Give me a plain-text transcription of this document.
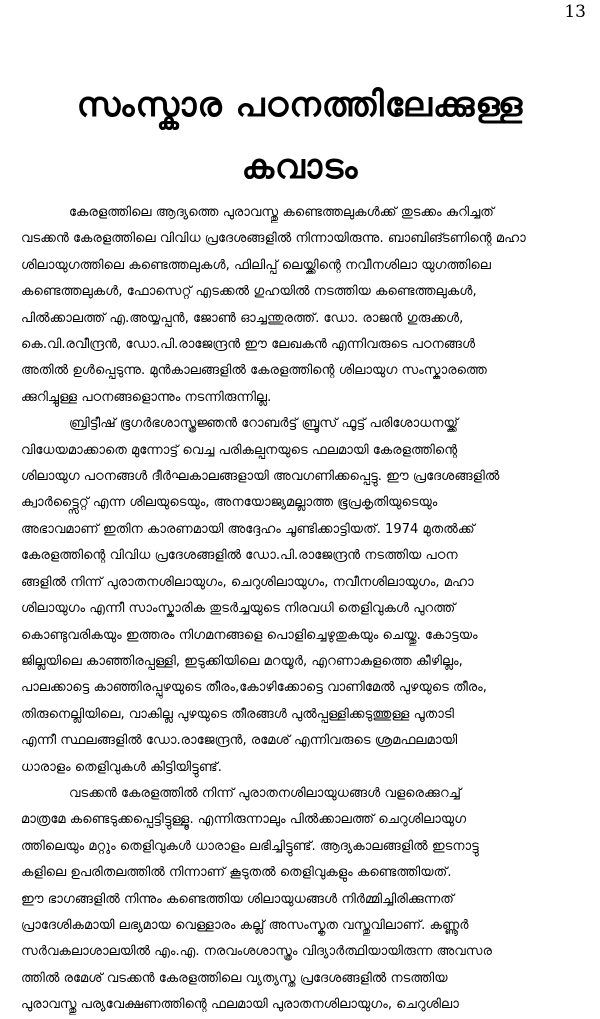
13
സംസ്കാര പഠനത്തിലേക്കുള്ള
കവാടം

കേരളത്തിലെ ആദ്യത്തെ പുരാവസ്തു കണ്ടെത്തലുകൾക്ക് തുടക്കം കുറിച്ചത്
വടക്കൻ കേരളത്തിലെ വിവിധ പ്രദേശങ്ങളിൽ നിന്നായിരുന്നു. ബാബിങ്ടണിന്റെ മഹാ
ശിലായുഗത്തിലെ കണ്ടെത്തലുകൾ, ഫിലിപ്പ് ലെയ്ക്കിന്റെ നവീനശിലാ യുഗത്തിലെ
കണ്ടെത്തലുകൾ, ഫോസെറ്റ് എടക്കൽ ഗുഹയിൽ നടത്തിയ കണ്ടെത്തലുകൾ,
പിൽക്കാലത്ത് എ.അയ്യപ്പൻ, ജോൺ ഓച്ചന്തുരത്ത്. ഡോ. രാജൻ ഗുരുക്കൾ,
കെ.വി.രവീന്ദ്രൻ, ഡോ.പി.രാജേന്ദ്രൻ ഈ ലേഖകൻ എന്നിവരുടെ പഠനങ്ങൾ
അതിൽ ഉൾപ്പെടുന്നു. മുൻകാലങ്ങളിൽ കേരളത്തിന്റെ ശിലായുഗ സംസ്കാരത്തെ
ക്കുറിച്ചുള്ള പഠനങ്ങളൊന്നും നടന്നിരുന്നില്ല.

ബ്രിട്ടീഷ് ഭൂഗർഭശാസ്ത്രജ്ഞൻ റോബർട്ട് ബ്രൂസ് ഫൂട്ട് പരിശോധനയ്ക്ക്
വിധേയമാക്കാതെ മുന്നോട്ട് വെച്ച പരികല്പനയുടെ ഫലമായി കേരളത്തിന്റെ
ശിലായുഗ പഠനങ്ങൾ ദീർഘകാലങ്ങളായി അവഗണിക്കപ്പെട്ടു. ഈ പ്രദേശങ്ങളിൽ
ക്വാർട്ട്സൈറ്റ് എന്ന ശിലയുടെയും, അനയോജ്യമല്ലാത്ത ഭൂപ്രകൃതിയുടെയും
അഭാവമാണ് ഇതിന കാരണമായി അദ്ദേഹം ചൂണ്ടിക്കാട്ടിയത്. 1974 മുതൽക്ക്
കേരളത്തിന്റെ വിവിധ പ്രദേശങ്ങളിൽ ഡോ.പി.രാജേന്ദ്രൻ നടത്തിയ പഠന
ങ്ങളിൽ നിന്ന് പുരാതനശിലായുഗം, ചെറുശിലായുഗം, നവീനശിലായുഗം, മഹാ
ശിലായുഗം എന്നീ സാംസ്കാരിക തുടർച്ചയുടെ നിരവധി തെളിവുകൾ പുറത്ത്
കൊണ്ടുവരികയും ഇത്തരം നിഗമനങ്ങളെ പൊളിച്ചെഴുതുകയും ചെയ്തു. കോട്ടയം
ജില്ലയിലെ കാഞ്ഞിരപ്പള്ളി, ഇടുക്കിയിലെ മറയൂർ, എറണാകുളത്തെ കീഴില്ലം,
പാലക്കാട്ടെ കാഞ്ഞിരപ്പുഴയുടെ തീരം,കോഴിക്കോട്ടെ വാണിമേൽ പുഴയുടെ തീരം,
തിരുനെല്ലിയിലെ, വാകില്ല പുഴയുടെ തീരങ്ങൾ പുൽപ്പള്ളിക്കടുത്തുള്ള പൂതാടി
എന്നീ സ്ഥലങ്ങളിൽ ഡോ.രാജേന്ദ്രൻ, രമേശ് എന്നിവരുടെ ശ്രമഫലമായി
ധാരാളം തെളിവുകൾ കിട്ടിയിട്ടുണ്ട്.

വടക്കൻ കേരളത്തിൽ നിന്ന് പുരാതനശിലായുധങ്ങൾ വളരെക്കുറച്ച്
മാത്രമേ കണ്ടെടുക്കപ്പെട്ടിട്ടുള്ളൂ. എന്നിരുന്നാലും പിൽക്കാലത്ത് ചെറുശിലായുഗ
ത്തിലെയും മറ്റും തെളിവുകൾ ധാരാളം ലഭിച്ചിട്ടുണ്ട്. ആദ്യകാലങ്ങളിൽ ഇടനാട്ടു
കളിലെ ഉപരിതലത്തിൽ നിന്നാണ് കൂടുതൽ തെളിവുകളും കണ്ടെത്തിയത്.
ഈ ഭാഗങ്ങളിൽ നിന്നും കണ്ടെത്തിയ ശിലായുധങ്ങൾ നിർമ്മിച്ചിരിക്കുന്നത്
പ്രാദേശികമായി ലഭ്യമായ വെള്ളാരം കല്ല് അസംസ്കൃത വസ്തുവിലാണ്. കണ്ണൂർ
സർവകലാശാലയിൽ എം.എ. നരവംശശാസ്ത്രം വിദ്യാർത്ഥിയായിരുന്ന അവസര
ത്തിൽ രമേശ് വടക്കൻ കേരളത്തിലെ വ്യത്യസ്ത പ്രദേശങ്ങളിൽ നടത്തിയ
പുരാവസ്തു പര്യവേക്ഷണത്തിന്റെ ഫലമായി പുരാതനശിലായുഗം, ചെറുശിലാ
